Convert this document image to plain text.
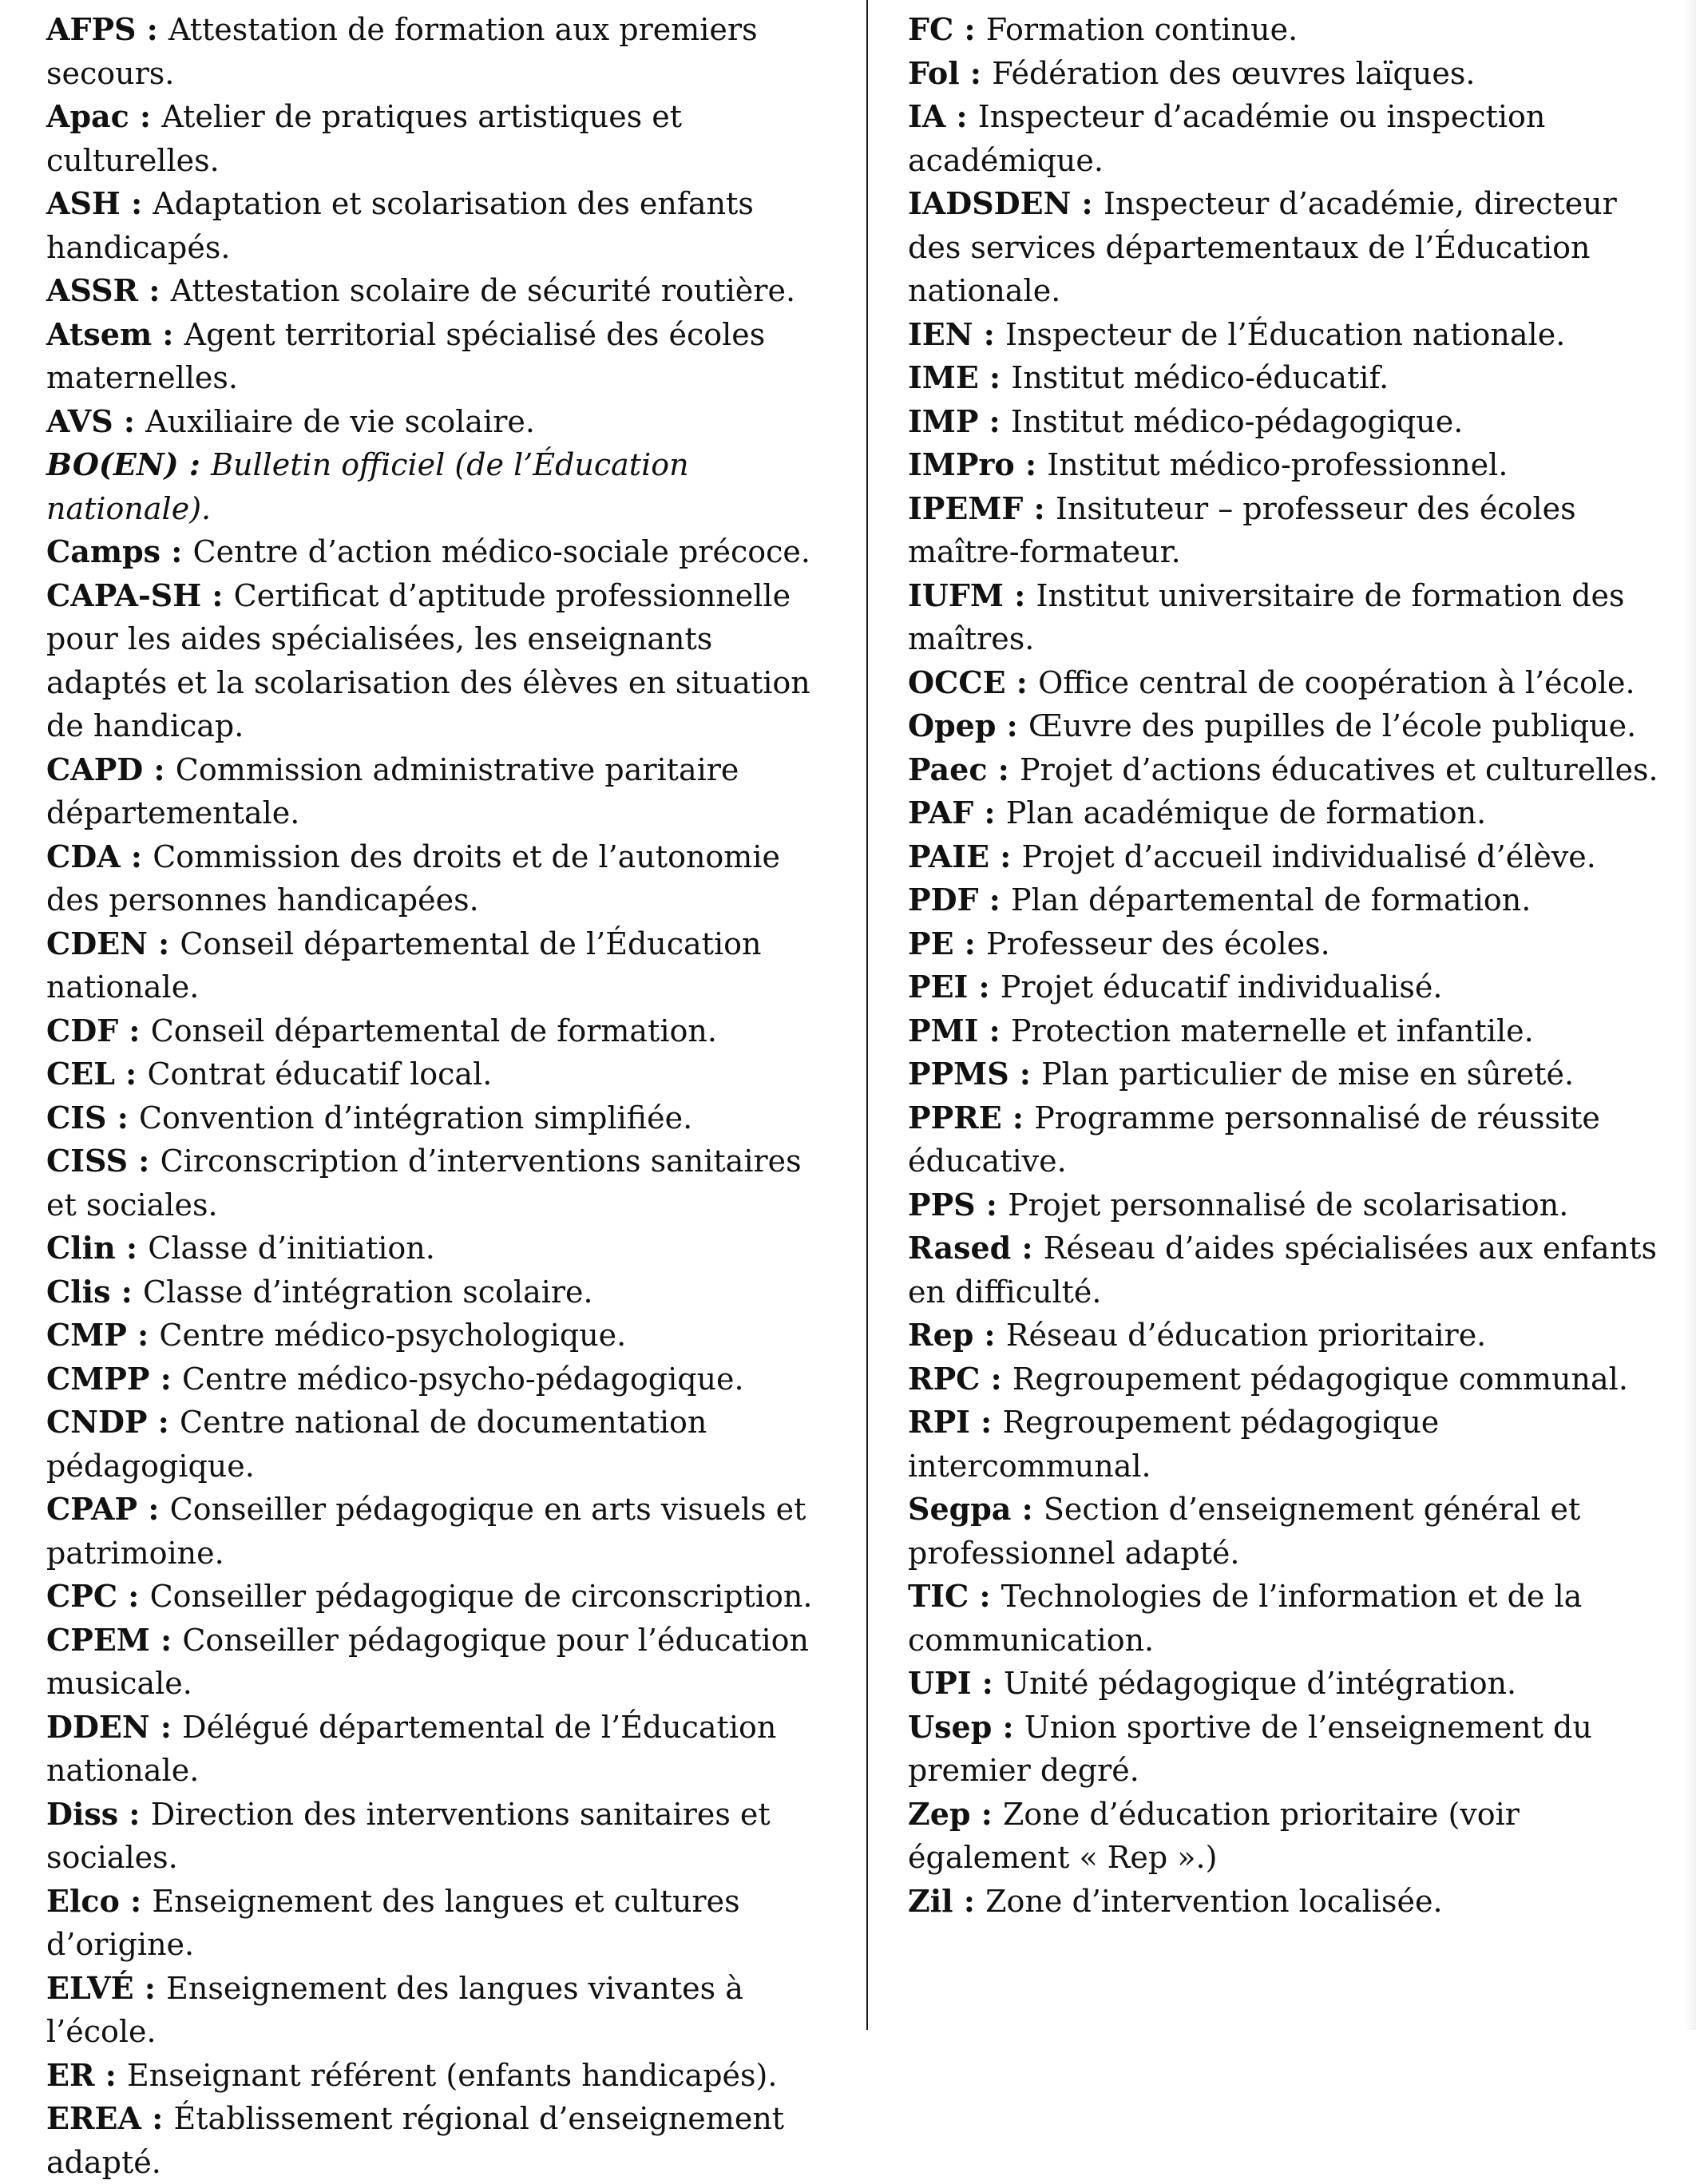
AFPS : Attestation de formation aux premiers secours.
Apac : Atelier de pratiques artistiques et culturelles.
ASH : Adaptation et scolarisation des enfants handicapés.
ASSR : Attestation scolaire de sécurité routière.
Atsem : Agent territorial spécialisé des écoles maternelles.
AVS : Auxiliaire de vie scolaire.
BO(EN) : Bulletin officiel (de l’Éducation nationale).
Camps : Centre d’action médico-sociale précoce.
CAPA-SH : Certificat d’aptitude professionnelle pour les aides spécialisées, les enseignants adaptés et la scolarisation des élèves en situation de handicap.
CAPD : Commission administrative paritaire départementale.
CDA : Commission des droits et de l’autonomie des personnes handicapées.
CDEN : Conseil départemental de l’Éducation nationale.
CDF : Conseil départemental de formation.
CEL : Contrat éducatif local.
CIS : Convention d’intégration simplifiée.
CISS : Circonscription d’interventions sanitaires et sociales.
Clin : Classe d’initiation.
Clis : Classe d’intégration scolaire.
CMP : Centre médico-psychologique.
CMPP : Centre médico-psycho-pédagogique.
CNDP : Centre national de documentation pédagogique.
CPAP : Conseiller pédagogique en arts visuels et patrimoine.
CPC : Conseiller pédagogique de circonscription.
CPEM : Conseiller pédagogique pour l’éducation musicale.
DDEN : Délégué départemental de l’Éducation nationale.
Diss : Direction des interventions sanitaires et sociales.
Elco : Enseignement des langues et cultures d’origine.
ELVÉ : Enseignement des langues vivantes à l’école.
ER : Enseignant référent (enfants handicapés).
EREA : Établissement régional d’enseignement adapté.
FC : Formation continue.
Fol : Fédération des œuvres laïques.
IA : Inspecteur d’académie ou inspection académique.
IADSDEN : Inspecteur d’académie, directeur des services départementaux de l’Éducation nationale.
IEN : Inspecteur de l’Éducation nationale.
IME : Institut médico-éducatif.
IMP : Institut médico-pédagogique.
IMPro : Institut médico-professionnel.
IPEMF : Insituteur – professeur des écoles maître-formateur.
IUFM : Institut universitaire de formation des maîtres.
OCCE : Office central de coopération à l’école.
Opep : Œuvre des pupilles de l’école publique.
Paec : Projet d’actions éducatives et culturelles.
PAF : Plan académique de formation.
PAIE : Projet d’accueil individualisé d’élève.
PDF : Plan départemental de formation.
PE : Professeur des écoles.
PEI : Projet éducatif individualisé.
PMI : Protection maternelle et infantile.
PPMS : Plan particulier de mise en sûreté.
PPRE : Programme personnalisé de réussite éducative.
PPS : Projet personnalisé de scolarisation.
Rased : Réseau d’aides spécialisées aux enfants en difficulté.
Rep : Réseau d’éducation prioritaire.
RPC : Regroupement pédagogique communal.
RPI : Regroupement pédagogique intercommunal.
Segpa : Section d’enseignement général et professionnel adapté.
TIC : Technologies de l’information et de la communication.
UPI : Unité pédagogique d’intégration.
Usep : Union sportive de l’enseignement du premier degré.
Zep : Zone d’éducation prioritaire (voir également « Rep ».)
Zil : Zone d’intervention localisée.
